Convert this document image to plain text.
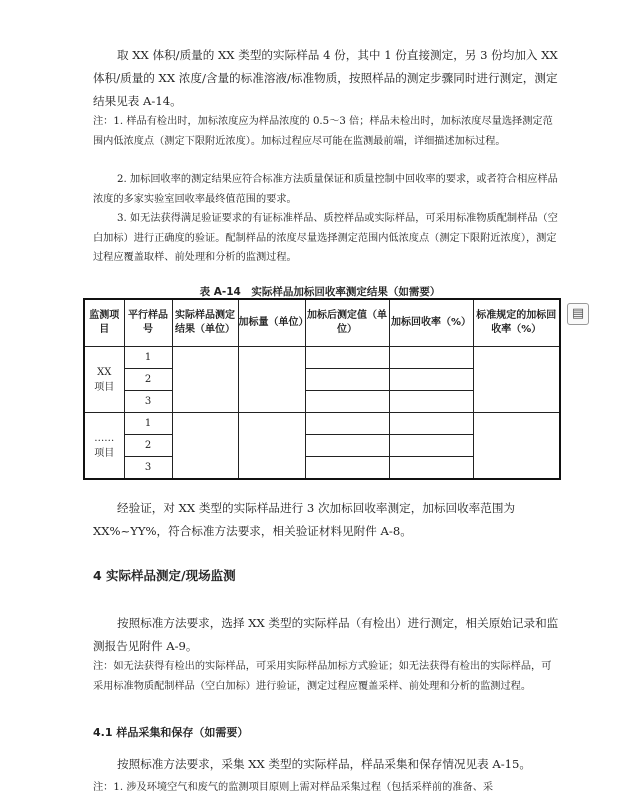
取 XX 体积/质量的 XX 类型的实际样品 4 份，其中 1 份直接测定，另 3 份均加入 XX 体积/质量的 XX 浓度/含量的标准溶液/标准物质，按照样品的测定步骤同时进行测定，测定结果见表 A-14。
注：1. 样品有检出时，加标浓度应为样品浓度的 0.5～3 倍；样品未检出时，加标浓度尽量选择测定范围内低浓度点（测定下限附近浓度）。加标过程应尽可能在监测最前端，详细描述加标过程。
2. 加标回收率的测定结果应符合标准方法质量保证和质量控制中回收率的要求，或者符合相应样品浓度的多家实验室回收率最终值范围的要求。
3. 如无法获得满足验证要求的有证标准样品、质控样品或实际样品，可采用标准物质配制样品（空白加标）进行正确度的验证。配制样品的浓度尽量选择测定范围内低浓度点（测定下限附近浓度），测定过程应覆盖取样、前处理和分析的监测过程。
表 A-14　实际样品加标回收率测定结果（如需要）
▤
监测项目	平行样品号	实际样品测定结果（单位）	加标量（单位）	加标后测定值（单位）	加标回收率（%）	标准规定的加标回收率（%）
XX
项目	1					
	2					
	3					
……
项目	1					
	2					
	3					
经验证，对 XX 类型的实际样品进行 3 次加标回收率测定，加标回收率范围为 XX%~YY%，符合标准方法要求，相关验证材料见附件 A-8。
4 实际样品测定/现场监测
按照标准方法要求，选择 XX 类型的实际样品（有检出）进行测定，相关原始记录和监测报告见附件 A-9。
注：如无法获得有检出的实际样品，可采用实际样品加标方式验证；如无法获得有检出的实际样品，可采用标准物质配制样品（空白加标）进行验证，测定过程应覆盖采样、前处理和分析的监测过程。
4.1 样品采集和保存（如需要）
按照标准方法要求，采集 XX 类型的实际样品，样品采集和保存情况见表 A-15。
注：1. 涉及环境空气和废气的监测项目原则上需对样品采集过程（包括采样前的准备、采
